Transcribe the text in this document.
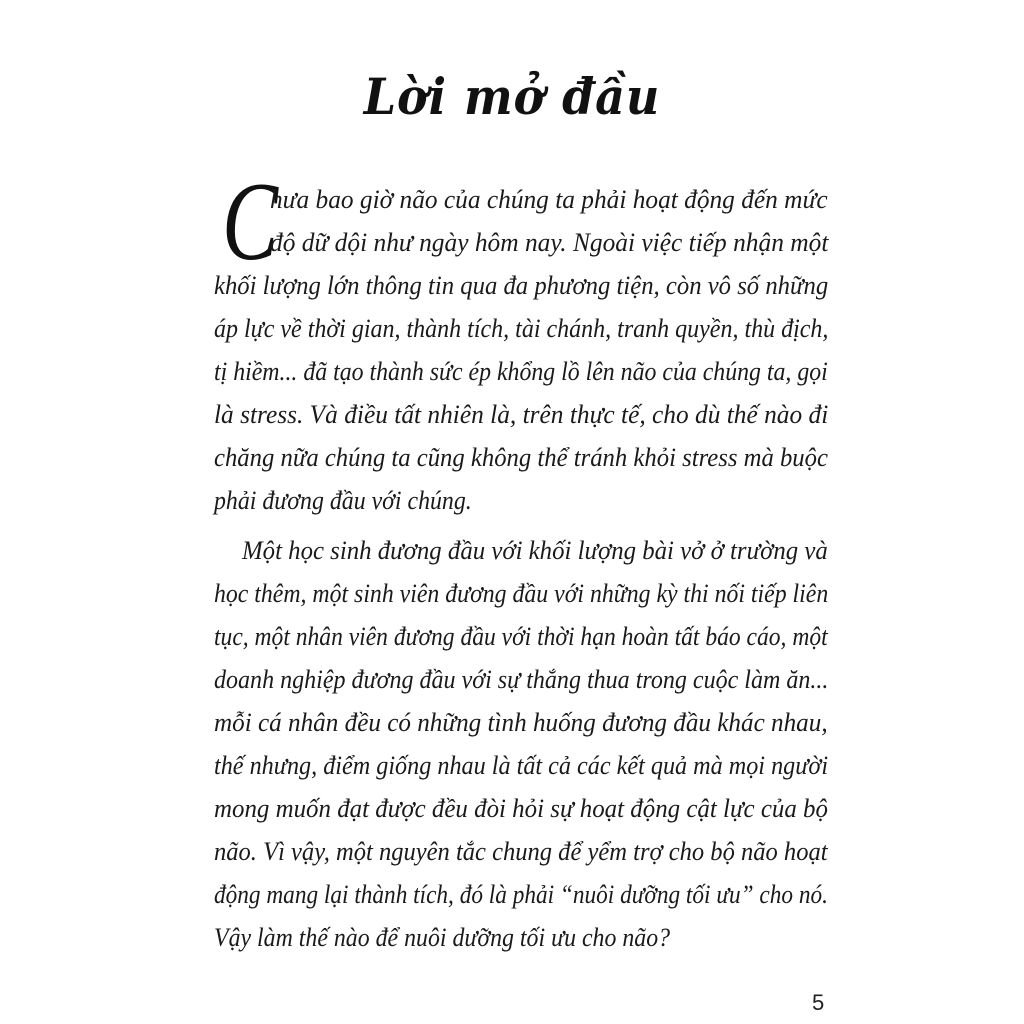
Lời mở đầu
C
hưa bao giờ não của chúng ta phải hoạt động đến mức
độ dữ dội như ngày hôm nay. Ngoài việc tiếp nhận một
khối lượng lớn thông tin qua đa phương tiện, còn vô số những
áp lực về thời gian, thành tích, tài chánh, tranh quyền, thù địch,
tị hiềm... đã tạo thành sức ép khổng lồ lên não của chúng ta, gọi
là stress. Và điều tất nhiên là, trên thực tế, cho dù thế nào đi
chăng nữa chúng ta cũng không thể tránh khỏi stress mà buộc
phải đương đầu với chúng.
Một học sinh đương đầu với khối lượng bài vở ở trường và
học thêm, một sinh viên đương đầu với những kỳ thi nối tiếp liên
tục, một nhân viên đương đầu với thời hạn hoàn tất báo cáo, một
doanh nghiệp đương đầu với sự thắng thua trong cuộc làm ăn...
mỗi cá nhân đều có những tình huống đương đầu khác nhau,
thế nhưng, điểm giống nhau là tất cả các kết quả mà mọi người
mong muốn đạt được đều đòi hỏi sự hoạt động cật lực của bộ
não. Vì vậy, một nguyên tắc chung để yểm trợ cho bộ não hoạt
động mang lại thành tích, đó là phải “nuôi dưỡng tối ưu” cho nó.
Vậy làm thế nào để nuôi dưỡng tối ưu cho não?
5
